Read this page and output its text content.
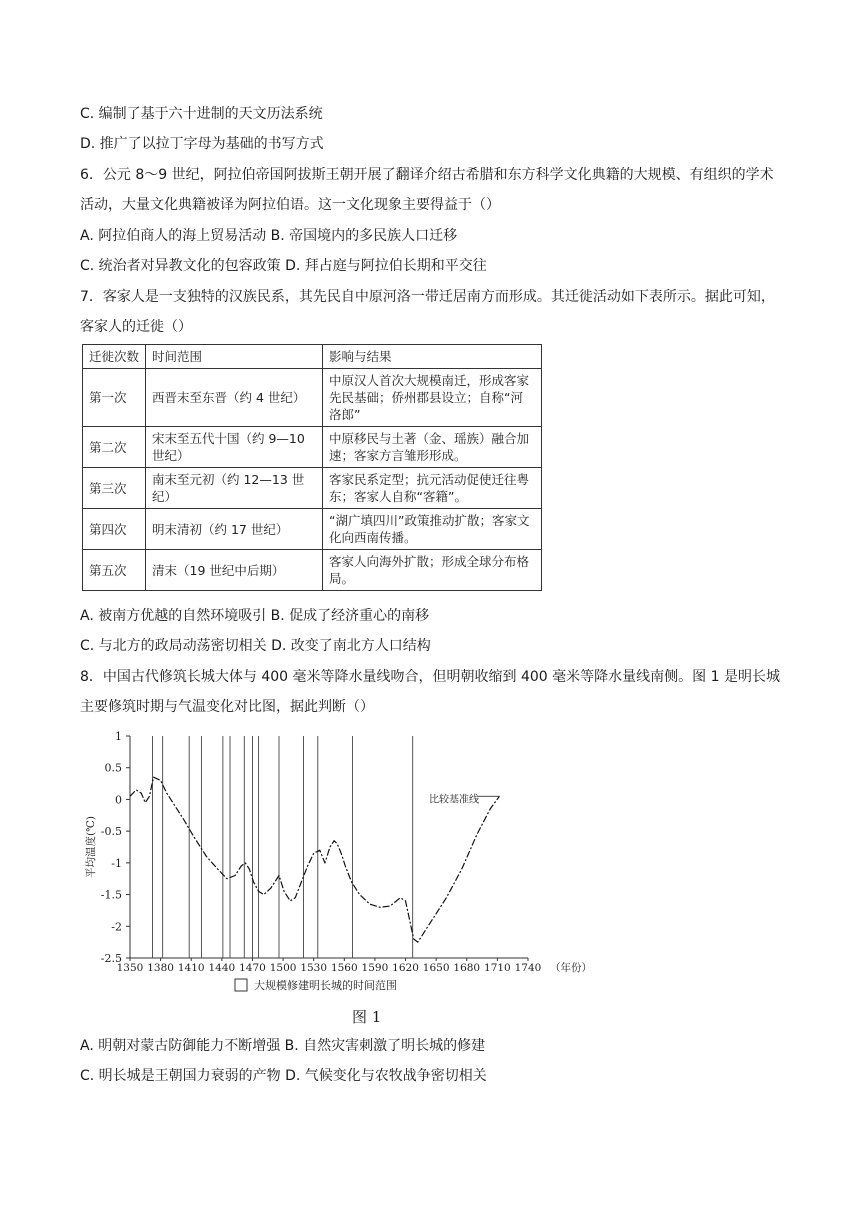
C. 编制了基于六十进制的天文历法系统
D. 推广了以拉丁字母为基础的书写方式
6．公元 8～9 世纪，阿拉伯帝国阿拔斯王朝开展了翻译介绍古希腊和东方科学文化典籍的大规模、有组织的学术活动，大量文化典籍被译为阿拉伯语。这一文化现象主要得益于（）
A. 阿拉伯商人的海上贸易活动 B. 帝国境内的多民族人口迁移
C. 统治者对异教文化的包容政策 D. 拜占庭与阿拉伯长期和平交往
7．客家人是一支独特的汉族民系，其先民自中原河洛一带迁居南方而形成。其迁徙活动如下表所示。据此可知，客家人的迁徙（）
迁徙次数	时间范围	影响与结果
第一次	西晋末至东晋（约 4 世纪）	中原汉人首次大规模南迁，形成客家先民基础；侨州郡县设立；自称“河洛郎”
第二次	宋末至五代十国（约 9—10 世纪）	中原移民与土著（金、瑶族）融合加速；客家方言雏形形成。
第三次	南末至元初（约 12—13 世纪）	客家民系定型；抗元活动促使迁往粤东；客家人自称“客籍”。
第四次	明末清初（约 17 世纪）	“湖广填四川”政策推动扩散；客家文化向西南传播。
第五次	清末（19 世纪中后期）	客家人向海外扩散；形成全球分布格局。
A. 被南方优越的自然环境吸引 B. 促成了经济重心的南移
C. 与北方的政局动荡密切相关 D. 改变了南北方人口结构
8．中国古代修筑长城大体与 400 毫米等降水量线吻合，但明朝收缩到 400 毫米等降水量线南侧。图 1 是明长城主要修筑时期与气温变化对比图，据此判断（）
1
0.5
0
-0.5
-1
-1.5
-2
-2.5
1350 1380 1410 1440 1470 1500 1530 1560 1590 1620 1650 1680 1710 1740 （年份）
平均温度(℃)
比较基准线
大规模修建明长城的时间范围
图 1
A. 明朝对蒙古防御能力不断增强 B. 自然灾害刺激了明长城的修建
C. 明长城是王朝国力衰弱的产物 D. 气候变化与农牧战争密切相关
